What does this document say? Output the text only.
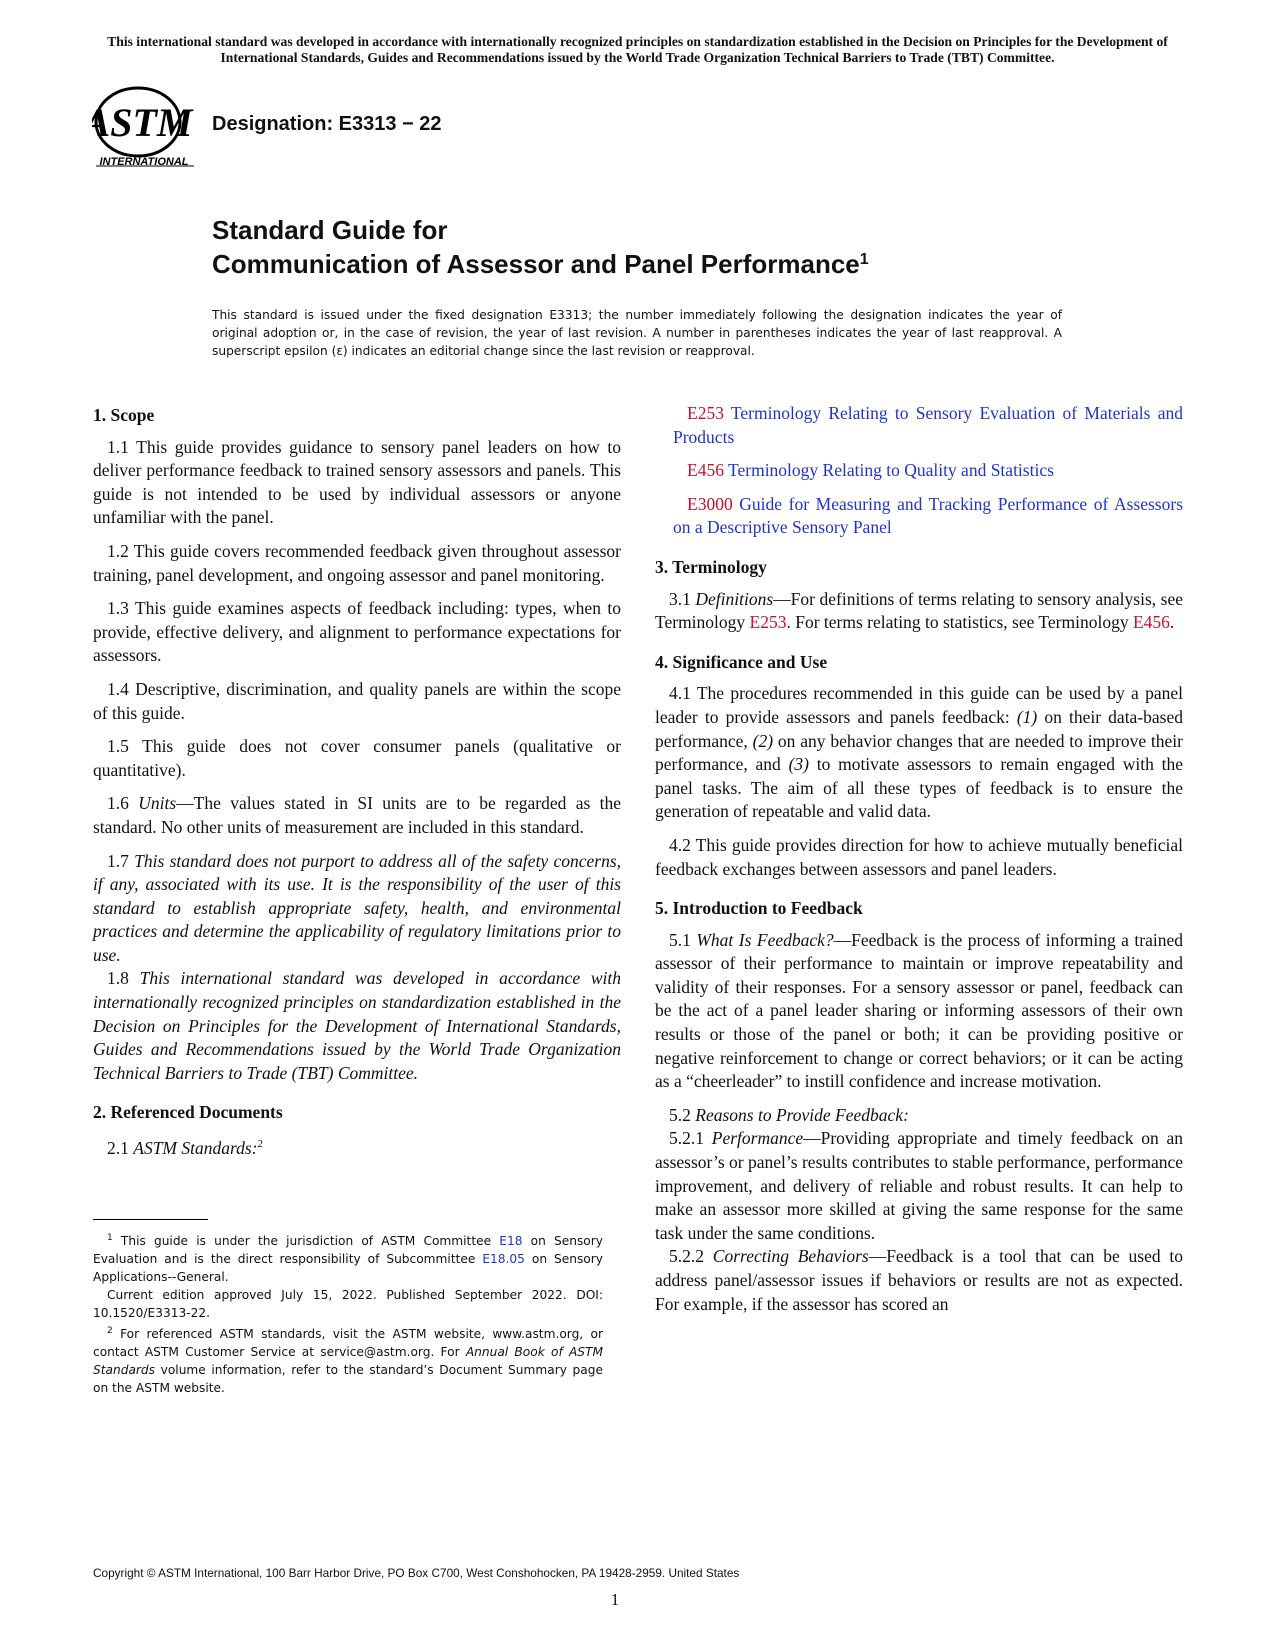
This international standard was developed in accordance with internationally recognized principles on standardization established in the Decision on Principles for the Development of International Standards, Guides and Recommendations issued by the World Trade Organization Technical Barriers to Trade (TBT) Committee.
ASTM
INTERNATIONAL
Designation: E3313 − 22
Standard Guide for
Communication of Assessor and Panel Performance$^1$
This standard is issued under the fixed designation E3313; the number immediately following the designation indicates the year of original adoption or, in the case of revision, the year of last revision. A number in parentheses indicates the year of last reapproval. A superscript epsilon (ε) indicates an editorial change since the last revision or reapproval.
1. Scope

1.1 This guide provides guidance to sensory panel leaders on how to deliver performance feedback to trained sensory assessors and panels. This guide is not intended to be used by individual assessors or anyone unfamiliar with the panel.

1.2 This guide covers recommended feedback given throughout assessor training, panel development, and ongoing assessor and panel monitoring.

1.3 This guide examines aspects of feedback including: types, when to provide, effective delivery, and alignment to performance expectations for assessors.

1.4 Descriptive, discrimination, and quality panels are within the scope of this guide.

1.5 This guide does not cover consumer panels (qualitative or quantitative).

1.6 Units—The values stated in SI units are to be regarded as the standard. No other units of measurement are included in this standard.

1.7 This standard does not purport to address all of the safety concerns, if any, associated with its use. It is the responsibility of the user of this standard to establish appropriate safety, health, and environmental practices and determine the applicability of regulatory limitations prior to use.

1.8 This international standard was developed in accordance with internationally recognized principles on standardization established in the Decision on Principles for the Development of International Standards, Guides and Recommendations issued by the World Trade Organization Technical Barriers to Trade (TBT) Committee.

2. Referenced Documents

2.1 ASTM Standards:$^2$

$^1$ This guide is under the jurisdiction of ASTM Committee E18 on Sensory Evaluation and is the direct responsibility of Subcommittee E18.05 on Sensory Applications--General.

Current edition approved July 15, 2022. Published September 2022. DOI: 10.1520/E3313-22.

$^2$ For referenced ASTM standards, visit the ASTM website, www.astm.org, or contact ASTM Customer Service at service@astm.org. For Annual Book of ASTM Standards volume information, refer to the standard’s Document Summary page on the ASTM website.

E253 Terminology Relating to Sensory Evaluation of Materials and Products

E456 Terminology Relating to Quality and Statistics

E3000 Guide for Measuring and Tracking Performance of Assessors on a Descriptive Sensory Panel

3. Terminology

3.1 Definitions—For definitions of terms relating to sensory analysis, see Terminology E253. For terms relating to statistics, see Terminology E456.

4. Significance and Use

4.1 The procedures recommended in this guide can be used by a panel leader to provide assessors and panels feedback: (1) on their data-based performance, (2) on any behavior changes that are needed to improve their performance, and (3) to motivate assessors to remain engaged with the panel tasks. The aim of all these types of feedback is to ensure the generation of repeatable and valid data.

4.2 This guide provides direction for how to achieve mutually beneficial feedback exchanges between assessors and panel leaders.

5. Introduction to Feedback

5.1 What Is Feedback?—Feedback is the process of informing a trained assessor of their performance to maintain or improve repeatability and validity of their responses. For a sensory assessor or panel, feedback can be the act of a panel leader sharing or informing assessors of their own results or those of the panel or both; it can be providing positive or negative reinforcement to change or correct behaviors; or it can be acting as a “cheerleader” to instill confidence and increase motivation.

5.2 Reasons to Provide Feedback:

5.2.1 Performance—Providing appropriate and timely feedback on an assessor’s or panel’s results contributes to stable performance, performance improvement, and delivery of reliable and robust results. It can help to make an assessor more skilled at giving the same response for the same task under the same conditions.

5.2.2 Correcting Behaviors—Feedback is a tool that can be used to address panel/assessor issues if behaviors or results are not as expected. For example, if the assessor has scored an

Copyright © ASTM International, 100 Barr Harbor Drive, PO Box C700, West Conshohocken, PA 19428-2959. United States
1
